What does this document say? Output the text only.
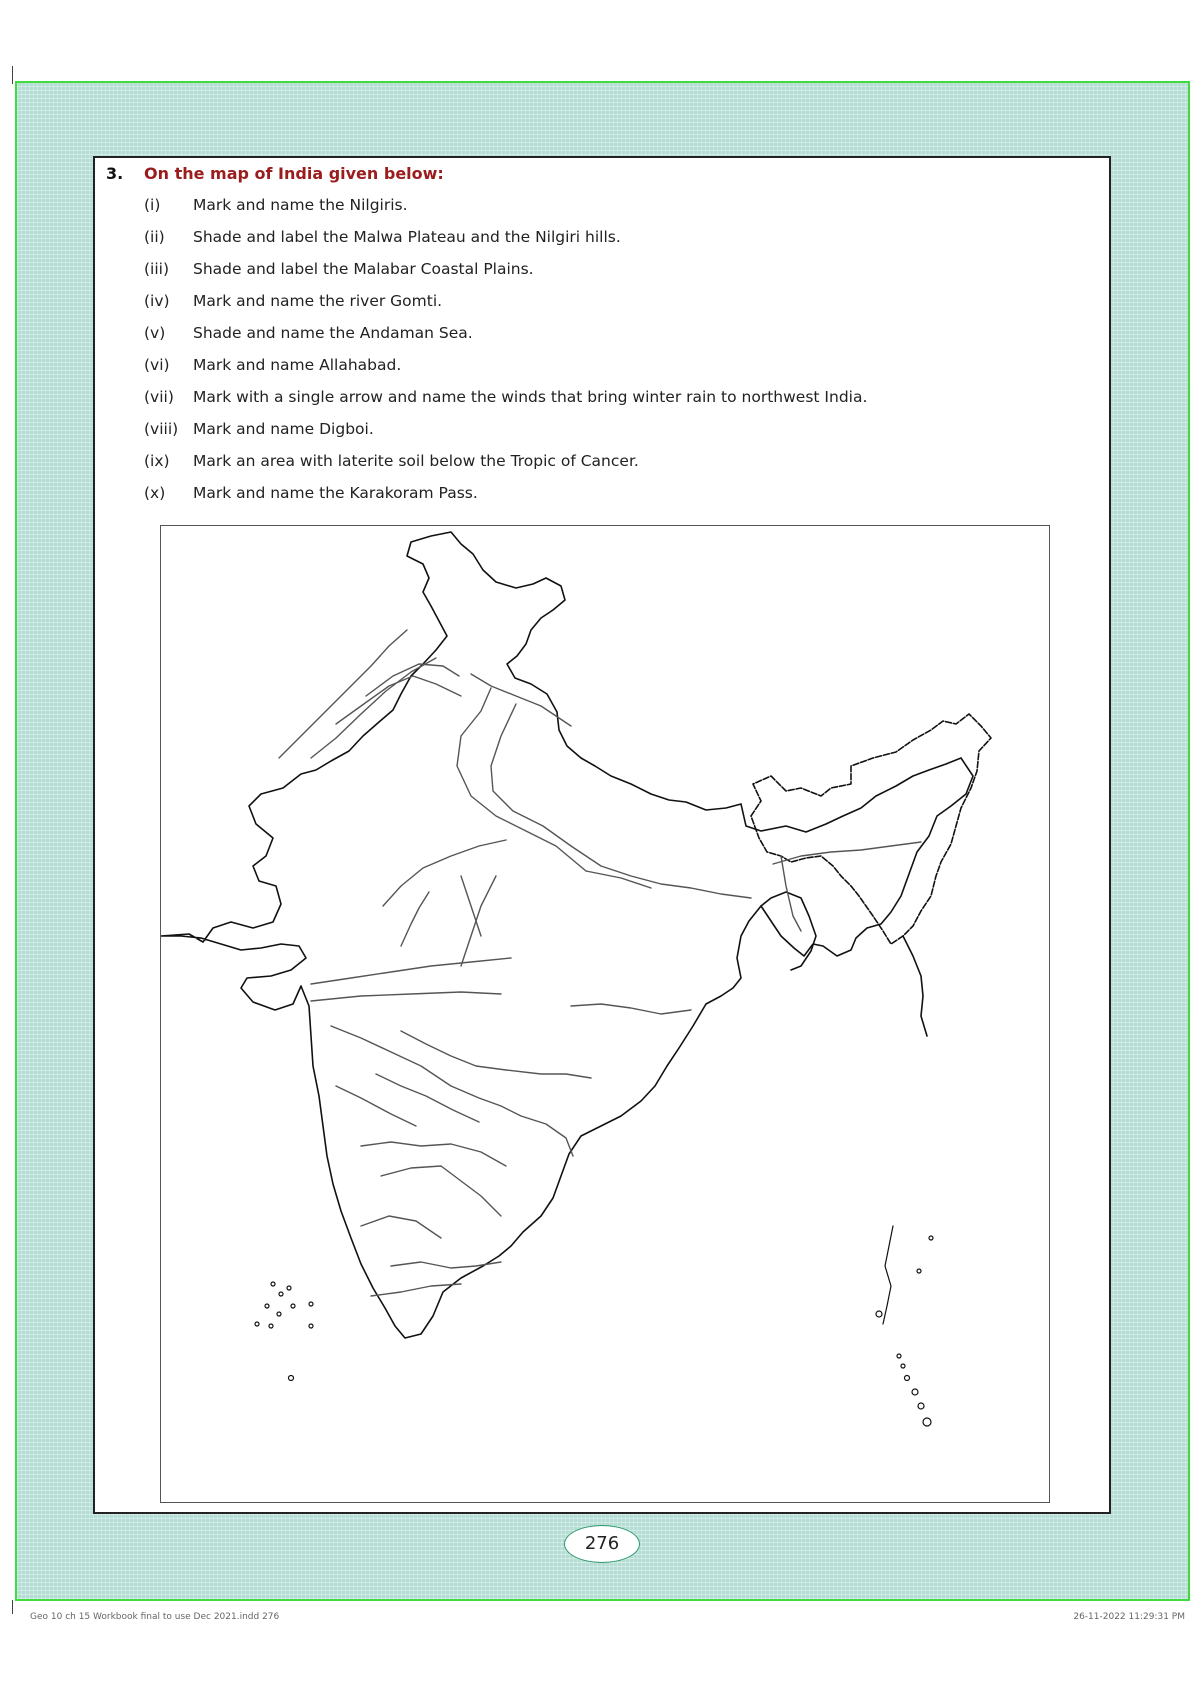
3. On the map of India given below:
(i) Mark and name the Nilgiris.
(ii) Shade and label the Malwa Plateau and the Nilgiri hills.
(iii) Shade and label the Malabar Coastal Plains.
(iv) Mark and name the river Gomti.
(v) Shade and name the Andaman Sea.
(vi) Mark and name Allahabad.
(vii) Mark with a single arrow and name the winds that bring winter rain to northwest India.
(viii) Mark and name Digboi.
(ix) Mark an area with laterite soil below the Tropic of Cancer.
(x) Mark and name the Karakoram Pass.
276
Geo 10 ch 15 Workbook final to use Dec 2021.indd 276	26-11-2022 11:29:31 PM
